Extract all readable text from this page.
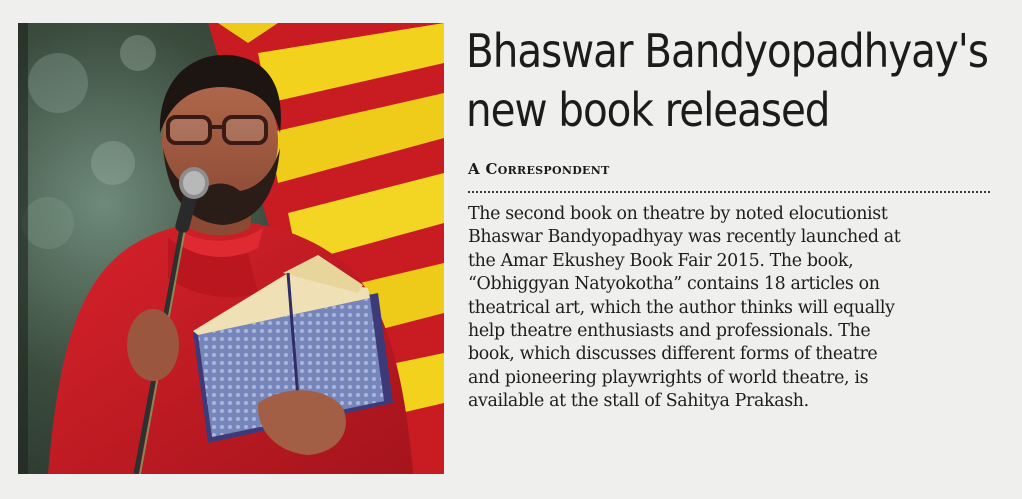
Bhaswar Bandyopadhyay's
new book released
A Correspondent
The second book on theatre by noted elocutionist
Bhaswar Bandyopadhyay was recently launched at
the Amar Ekushey Book Fair 2015. The book,
“Obhiggyan Natyokotha” contains 18 articles on
theatrical art, which the author thinks will equally
help theatre enthusiasts and professionals. The
book, which discusses different forms of theatre
and pioneering playwrights of world theatre, is
available at the stall of Sahitya Prakash.
